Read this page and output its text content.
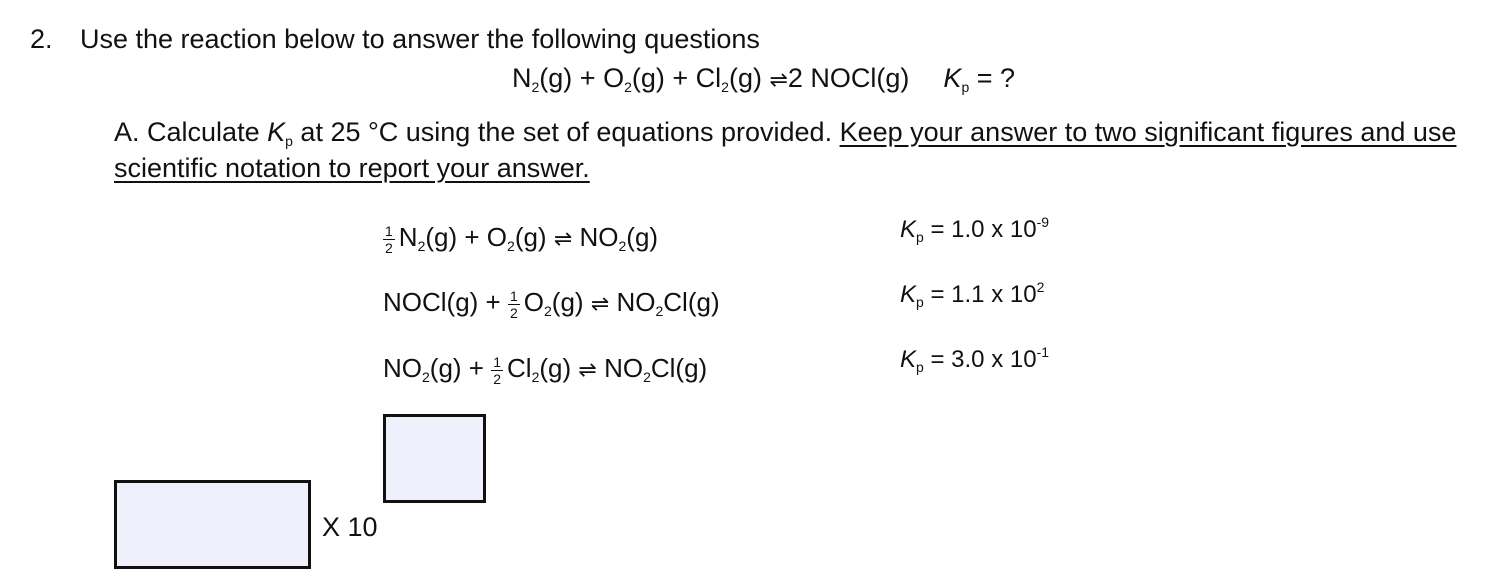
2. Use the reaction below to answer the following questions
$N_2(g) + O_2(g) + Cl_2(g)$ ⇌2 NOCl(g) $K_p$ = ?
A. Calculate $K_p$ at 25 °C using the set of equations provided. Keep your answer to two significant figures and use scientific notation to report your answer.
$\frac{1}{2} N_2(g) + O_2(g)$ ⇌ $NO_2(g)$	$K_p = 1.0$ x $10^{-9}$
NOCl(g) + $\frac{1}{2} O_2(g)$ ⇌ $NO_2Cl(g)$	$K_p = 1.1$ x $10^2$
$NO_2(g) + \frac{1}{2} Cl_2(g)$ ⇌ $NO_2Cl(g)$	$K_p = 3.0$ x $10^{-1}$
X 10
